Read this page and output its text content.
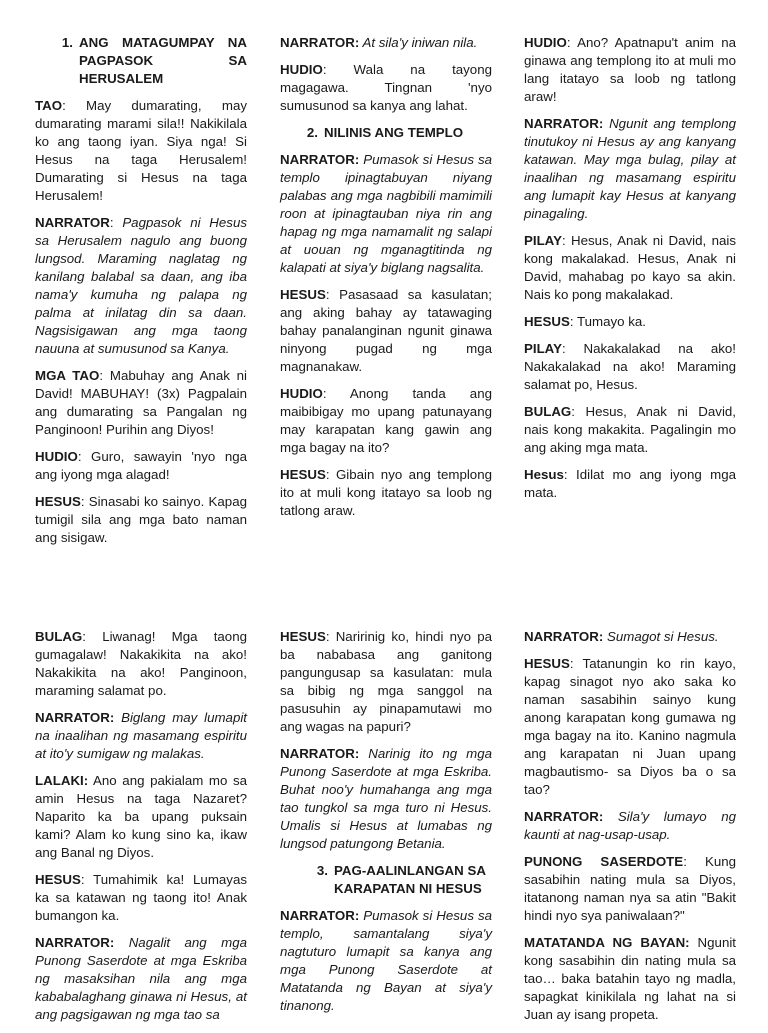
1. ANG MATAGUMPAY NA PAGPASOK SA HERUSALEM
TAO: May dumarating, may dumarating marami sila!! Nakikilala ko ang taong iyan. Siya nga! Si Hesus na taga Herusalem! Dumarating si Hesus na taga Herusalem!
NARRATOR: Pagpasok ni Hesus sa Herusalem nagulo ang buong lungsod. Maraming naglatag ng kanilang balabal sa daan, ang iba nama'y kumuha ng palapa ng palma at inilatag din sa daan. Nagsisigawan ang mga taong nauuna at sumusunod sa Kanya.
MGA TAO: Mabuhay ang Anak ni David! MABUHAY! (3x) Pagpalain ang dumarating sa Pangalan ng Panginoon! Purihin ang Diyos!
HUDIO: Guro, sawayin 'nyo nga ang iyong mga alagad!
HESUS: Sinasabi ko sainyo. Kapag tumigil sila ang mga bato naman ang sisigaw.
NARRATOR: At sila'y iniwan nila.
HUDIO: Wala na tayong magagawa. Tingnan 'nyo sumusunod sa kanya ang lahat.
2. NILINIS ANG TEMPLO
NARRATOR: Pumasok si Hesus sa templo ipinagtabuyan niyang palabas ang mga nagbibili mamimili roon at ipinagtauban niya rin ang hapag ng mga namamalit ng salapi at uouan ng mganagtitinda ng kalapati at siya'y biglang nagsalita.
HESUS: Pasasaad sa kasulatan; ang aking bahay ay tatawaging bahay panalanginan ngunit ginawa ninyong pugad ng mga magnanakaw.
HUDIO: Anong tanda ang maibibigay mo upang patunayang may karapatan kang gawin ang mga bagay na ito?
HESUS: Gibain nyo ang templong ito at muli kong itatayo sa loob ng tatlong araw.
HUDIO: Ano? Apatnapu't anim na ginawa ang templong ito at muli mo lang itatayo sa loob ng tatlong araw!
NARRATOR: Ngunit ang templong tinutukoy ni Hesus ay ang kanyang katawan. May mga bulag, pilay at inaalihan ng masamang espiritu ang lumapit kay Hesus at kanyang pinagaling.
PILAY: Hesus, Anak ni David, nais kong makalakad. Hesus, Anak ni David, mahabag po kayo sa akin. Nais ko pong makalakad.
HESUS: Tumayo ka.
PILAY: Nakakalakad na ako! Nakakalakad na ako! Maraming salamat po, Hesus.
BULAG: Hesus, Anak ni David, nais kong makakita. Pagalingin mo ang aking mga mata.
Hesus: Idilat mo ang iyong mga mata.
BULAG: Liwanag! Mga taong gumagalaw! Nakakikita na ako! Nakakikita na ako! Panginoon, maraming salamat po.
NARRATOR: Biglang may lumapit na inaalihan ng masamang espiritu at ito'y sumigaw ng malakas.
LALAKI: Ano ang pakialam mo sa amin Hesus na taga Nazaret? Naparito ka ba upang puksain kami? Alam ko kung sino ka, ikaw ang Banal ng Diyos.
HESUS: Tumahimik ka! Lumayas ka sa katawan ng taong ito! Anak bumangon ka.
NARRATOR: Nagalit ang mga Punong Saserdote at mga Eskriba ng masaksihan nila ang mga kababalaghang ginawa ni Hesus, at ang pagsigawan ng mga tao sa
HESUS: Naririnig ko, hindi nyo pa ba nababasa ang ganitong pangungusap sa kasulatan: mula sa bibig ng mga sanggol na pasusuhin ay pinapamutawi mo ang wagas na papuri?
NARRATOR: Narinig ito ng mga Punong Saserdote at mga Eskriba. Buhat noo'y humahanga ang mga tao tungkol sa mga turo ni Hesus. Umalis si Hesus at lumabas ng lungsod patungong Betania.
3. PAG-AALINLANGAN SA KARAPATAN NI HESUS
NARRATOR: Pumasok si Hesus sa templo, samantalang siya'y nagtuturo lumapit sa kanya ang mga Punong Saserdote at Matatanda ng Bayan at siya'y tinanong.
NARRATOR: Sumagot si Hesus.
HESUS: Tatanungin ko rin kayo, kapag sinagot nyo ako saka ko naman sasabihin sainyo kung anong karapatan kong gumawa ng mga bagay na ito. Kanino nagmula ang karapatan ni Juan upang magbautismo- sa Diyos ba o sa tao?
NARRATOR: Sila'y lumayo ng kaunti at nag-usap-usap.
PUNONG SASERDOTE: Kung sasabihin nating mula sa Diyos, itatanong naman nya sa atin "Bakit hindi nyo sya paniwalaan?"
MATATANDA NG BAYAN: Ngunit kong sasabihin din nating mula sa tao… baka batahin tayo ng madla, sapagkat kinikilala ng lahat na si Juan ay isang propeta.
